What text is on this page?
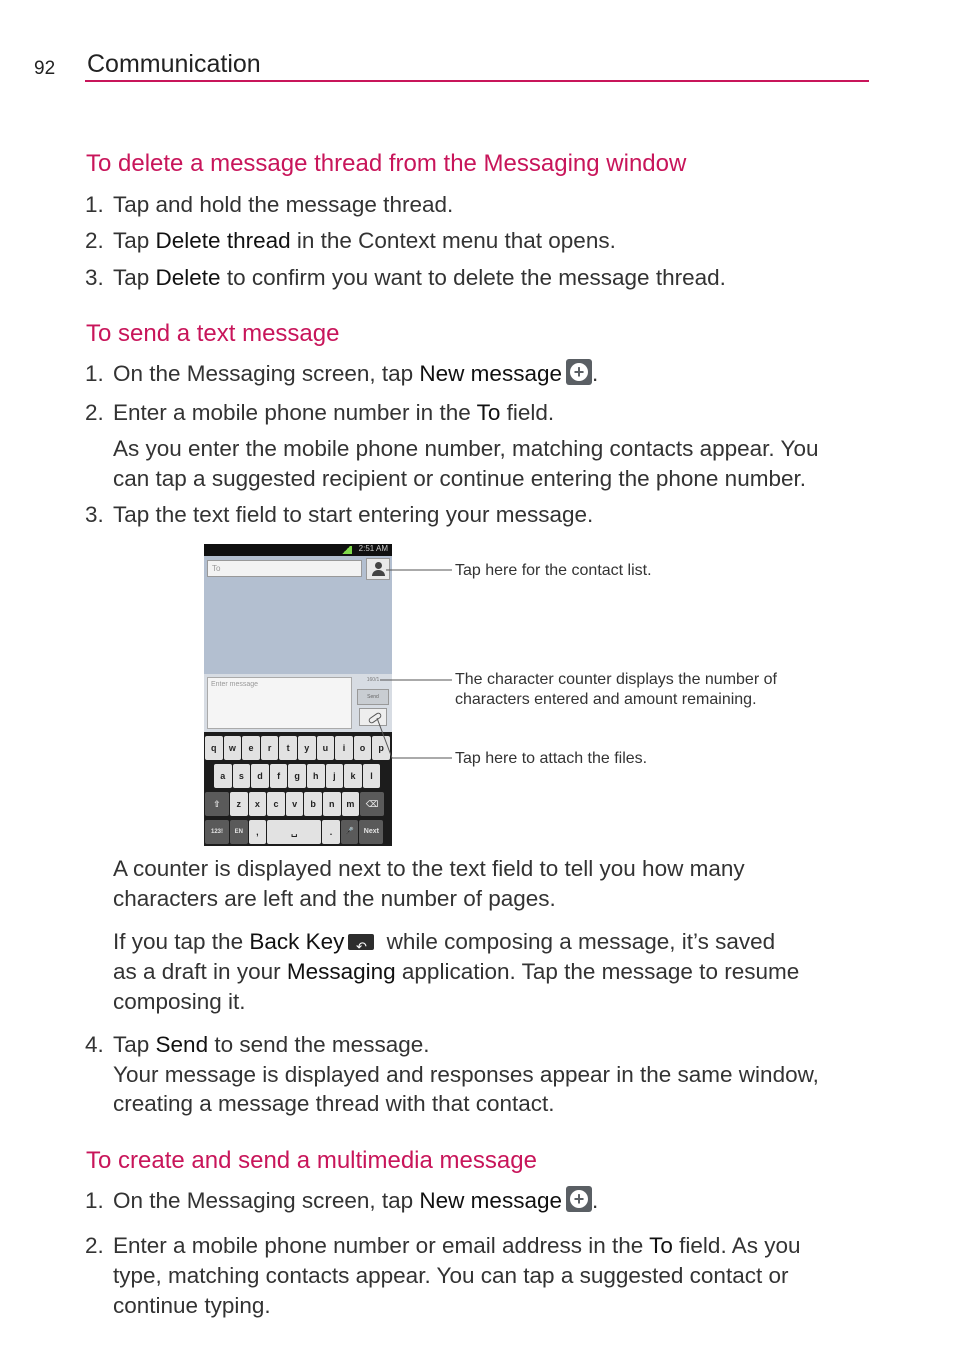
92 Communication
To delete a message thread from the Messaging window
1. Tap and hold the message thread.
2. Tap Delete thread in the Context menu that opens.
3. Tap Delete to confirm you want to delete the message thread.
To send a text message
1. On the Messaging screen, tap New message + .
2. Enter a mobile phone number in the To field.
As you enter the mobile phone number, matching contacts appear. You
can tap a suggested recipient or continue entering the phone number.
3. Tap the text field to start entering your message.
2:51 AM
To
Enter message
160/1
Send
q	w	e	r	t	y	u	i	o	p
a	s	d	f	g	h	j	k	l
⇧	z	x	c	v	b	n	m	⌫
123!	EN	,	␣	.	🎤	Next
Tap here for the contact list.
The character counter displays the number of
characters entered and amount remaining.
Tap here to attach the files.
A counter is displayed next to the text field to tell you how many
characters are left and the number of pages.
If you tap the Back Key↶ while composing a message, it’s saved
as a draft in your Messaging application. Tap the message to resume
composing it.
4. Tap Send to send the message.
Your message is displayed and responses appear in the same window,
creating a message thread with that contact.
To create and send a multimedia message
1. On the Messaging screen, tap New message + .
2. Enter a mobile phone number or email address in the To field. As you
type, matching contacts appear. You can tap a suggested contact or
continue typing.
